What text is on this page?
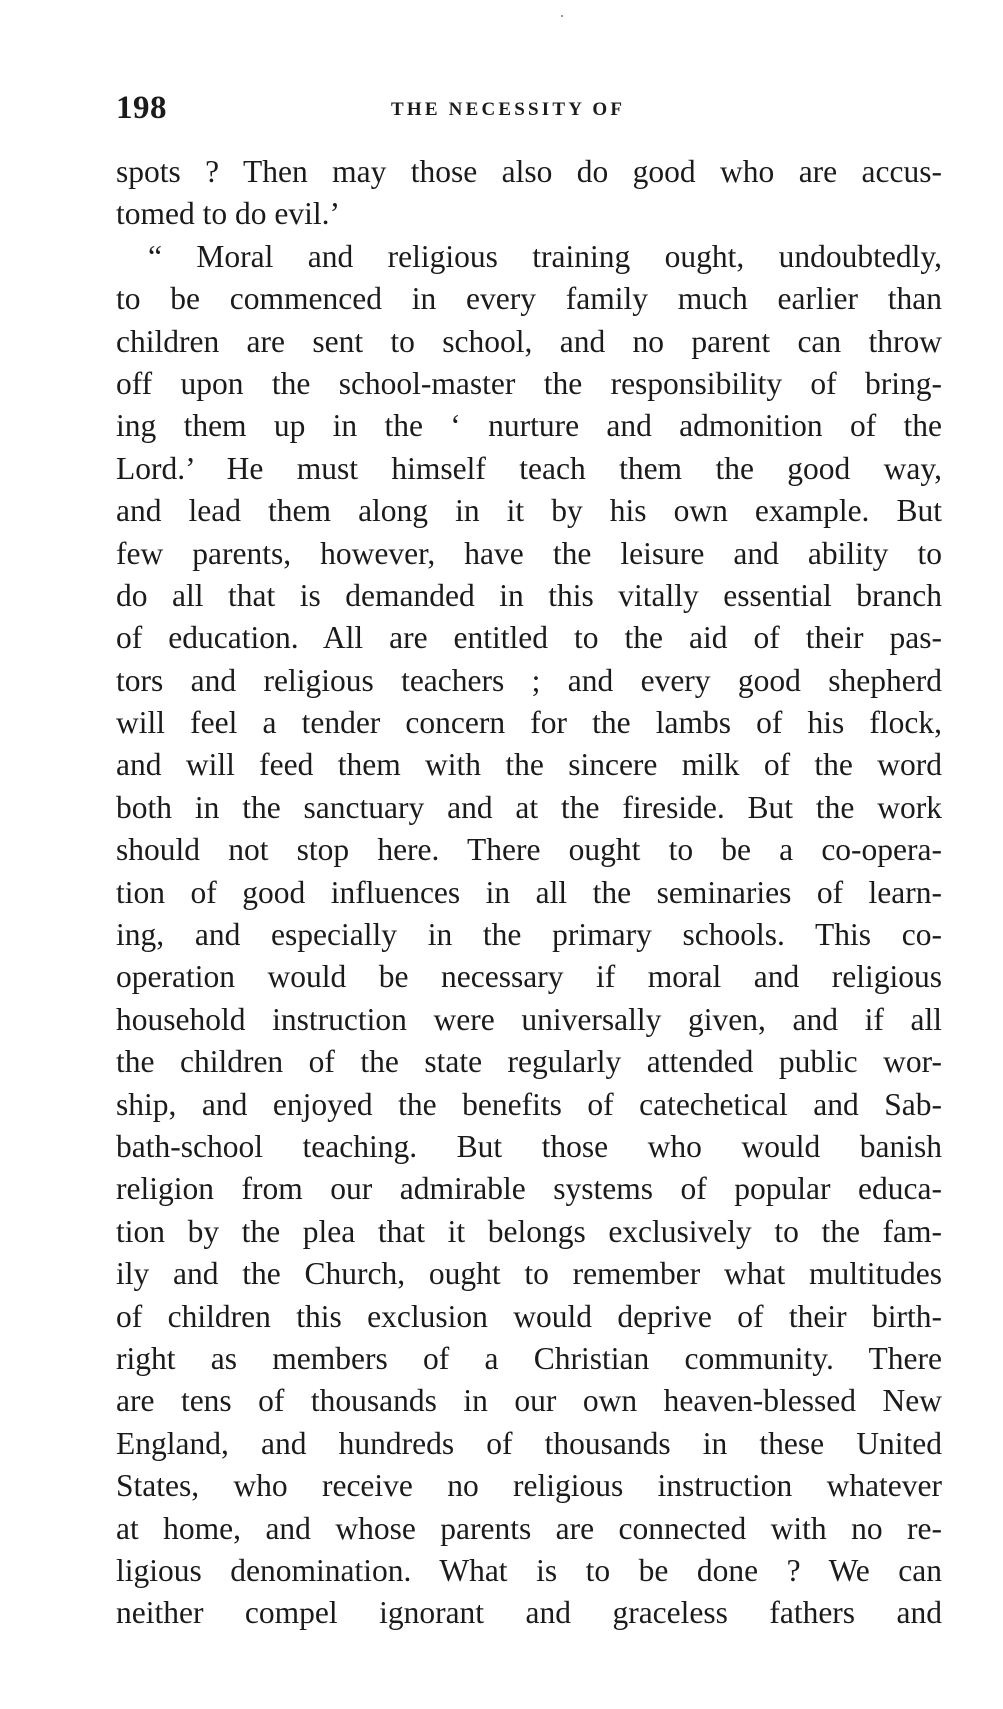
198	THE NECESSITY OF
spots ? Then may those also do good who are accus-
tomed to do evil.’
“ Moral and religious training ought, undoubtedly,
to be commenced in every family much earlier than
children are sent to school, and no parent can throw
off upon the school-master the responsibility of bring-
ing them up in the ‘ nurture and admonition of the
Lord.’ He must himself teach them the good way,
and lead them along in it by his own example. But
few parents, however, have the leisure and ability to
do all that is demanded in this vitally essential branch
of education. All are entitled to the aid of their pas-
tors and religious teachers ; and every good shepherd
will feel a tender concern for the lambs of his flock,
and will feed them with the sincere milk of the word
both in the sanctuary and at the fireside. But the work
should not stop here. There ought to be a co-opera-
tion of good influences in all the seminaries of learn-
ing, and especially in the primary schools. This co-
operation would be necessary if moral and religious
household instruction were universally given, and if all
the children of the state regularly attended public wor-
ship, and enjoyed the benefits of catechetical and Sab-
bath-school teaching. But those who would banish
religion from our admirable systems of popular educa-
tion by the plea that it belongs exclusively to the fam-
ily and the Church, ought to remember what multitudes
of children this exclusion would deprive of their birth-
right as members of a Christian community. There
are tens of thousands in our own heaven-blessed New
England, and hundreds of thousands in these United
States, who receive no religious instruction whatever
at home, and whose parents are connected with no re-
ligious denomination. What is to be done ? We can
neither compel ignorant and graceless fathers and
